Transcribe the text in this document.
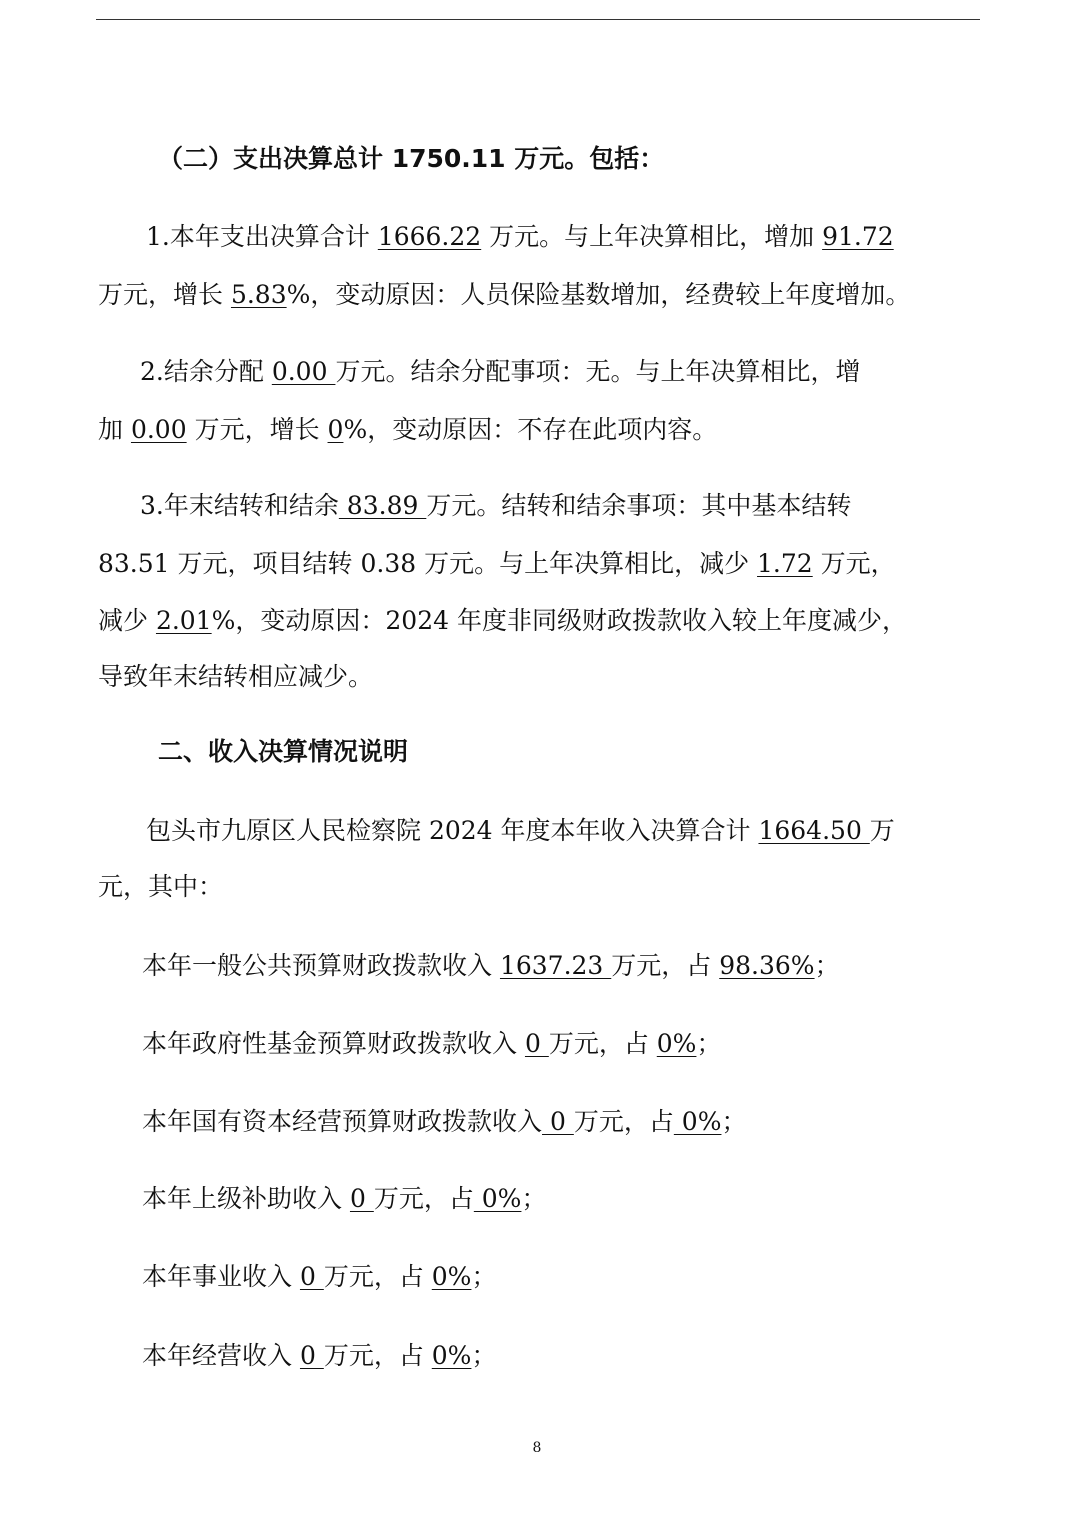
（二）支出决算总计 1750.11 万元。包括：
1.本年支出决算合计 1666.22 万元。与上年决算相比，增加 91.72
万元，增长 5.83%，变动原因：人员保险基数增加，经费较上年度增加。
2.结余分配 0.00 万元。结余分配事项：无。与上年决算相比，增
加 0.00 万元，增长 0%，变动原因：不存在此项内容。
3.年末结转和结余 83.89 万元。结转和结余事项：其中基本结转
83.51 万元，项目结转 0.38 万元。与上年决算相比，减少 1.72 万元，
减少 2.01%，变动原因：2024 年度非同级财政拨款收入较上年度减少，
导致年末结转相应减少。
二、收入决算情况说明
包头市九原区人民检察院 2024 年度本年收入决算合计 1664.50 万
元，其中：
本年一般公共预算财政拨款收入 1637.23 万元，占 98.36%；
本年政府性基金预算财政拨款收入 0 万元，占 0%；
本年国有资本经营预算财政拨款收入 0 万元，占 0%；
本年上级补助收入 0 万元，占 0%；
本年事业收入 0 万元，占 0%；
本年经营收入 0 万元，占 0%；
8
